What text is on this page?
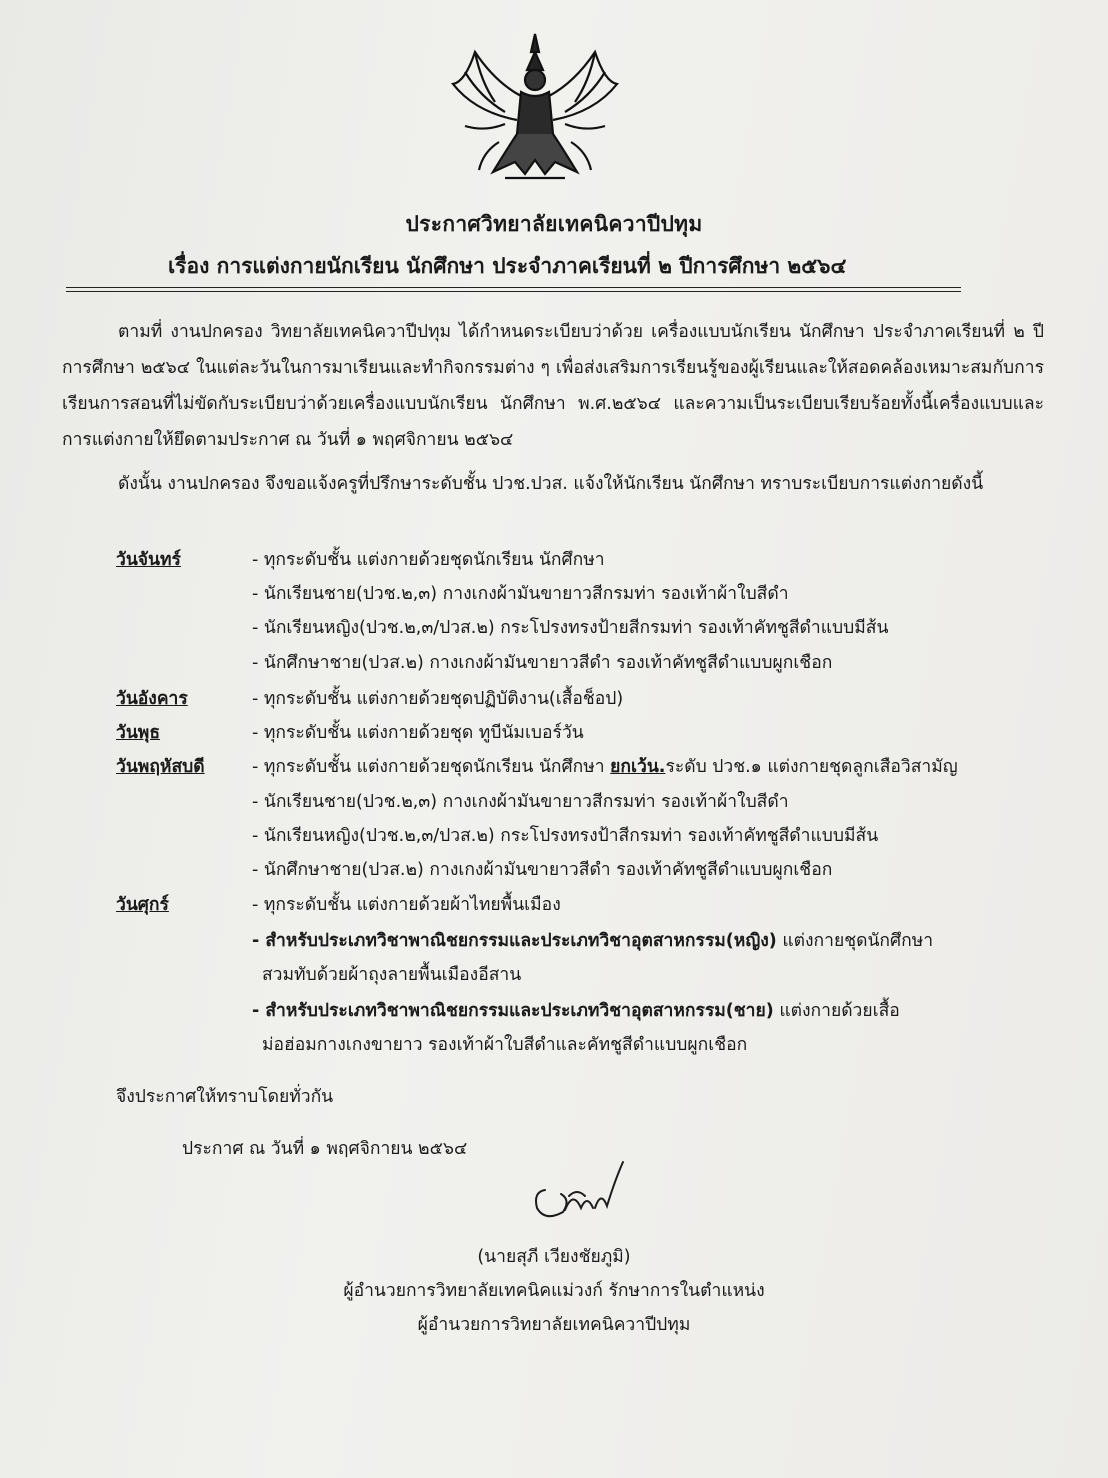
ประกาศวิทยาลัยเทคนิควาปีปทุม
เรื่อง การแต่งกายนักเรียน นักศึกษา ประจำภาคเรียนที่ ๒ ปีการศึกษา ๒๕๖๔
ตามที่ งานปกครอง วิทยาลัยเทคนิควาปีปทุม ได้กำหนดระเบียบว่าด้วย เครื่องแบบนักเรียน นักศึกษา ประจำภาคเรียนที่ ๒ ปีการศึกษา ๒๕๖๔ ในแต่ละวันในการมาเรียนและทำกิจกรรมต่าง ๆ เพื่อส่งเสริมการเรียนรู้ของผู้เรียนและให้สอดคล้องเหมาะสมกับการเรียนการสอนที่ไม่ขัดกับระเบียบว่าด้วยเครื่องแบบนักเรียน นักศึกษา พ.ศ.๒๕๖๔ และความเป็นระเบียบเรียบร้อยทั้งนี้เครื่องแบบและการแต่งกายให้ยึดตามประกาศ ณ วันที่ ๑ พฤศจิกายน ๒๕๖๔
ดังนั้น งานปกครอง จึงขอแจ้งครูที่ปรึกษาระดับชั้น ปวช.ปวส. แจ้งให้นักเรียน นักศึกษา ทราบระเบียบการแต่งกายดังนี้
วันจันทร์	- ทุกระดับชั้น แต่งกายด้วยชุดนักเรียน นักศึกษา
- นักเรียนชาย(ปวช.๒,๓) กางเกงผ้ามันขายาวสีกรมท่า รองเท้าผ้าใบสีดำ
- นักเรียนหญิง(ปวช.๒,๓/ปวส.๒) กระโปรงทรงป้ายสีกรมท่า รองเท้าคัทชูสีดำแบบมีส้น
- นักศึกษาชาย(ปวส.๒) กางเกงผ้ามันขายาวสีดำ รองเท้าคัทชูสีดำแบบผูกเชือก
วันอังคาร	- ทุกระดับชั้น แต่งกายด้วยชุดปฏิบัติงาน(เสื้อช็อป)
วันพุธ	- ทุกระดับชั้น แต่งกายด้วยชุด ทูบีนัมเบอร์วัน
วันพฤหัสบดี	- ทุกระดับชั้น แต่งกายด้วยชุดนักเรียน นักศึกษา ยกเว้น.ระดับ ปวช.๑ แต่งกายชุดลูกเสือวิสามัญ
- นักเรียนชาย(ปวช.๒,๓) กางเกงผ้ามันขายาวสีกรมท่า รองเท้าผ้าใบสีดำ
- นักเรียนหญิง(ปวช.๒,๓/ปวส.๒) กระโปรงทรงป้าสีกรมท่า รองเท้าคัทชูสีดำแบบมีส้น
- นักศึกษาชาย(ปวส.๒) กางเกงผ้ามันขายาวสีดำ รองเท้าคัทชูสีดำแบบผูกเชือก
วันศุกร์	- ทุกระดับชั้น แต่งกายด้วยผ้าไทยพื้นเมือง
- สำหรับประเภทวิชาพาณิชยกรรมและประเภทวิชาอุตสาหกรรม(หญิง) แต่งกายชุดนักศึกษา
สวมทับด้วยผ้าถุงลายพื้นเมืองอีสาน
- สำหรับประเภทวิชาพาณิชยกรรมและประเภทวิชาอุตสาหกรรม(ชาย) แต่งกายด้วยเสื้อ
ม่อฮ่อมกางเกงขายาว รองเท้าผ้าใบสีดำและคัทชูสีดำแบบผูกเชือก
จึงประกาศให้ทราบโดยทั่วกัน
ประกาศ ณ วันที่ ๑ พฤศจิกายน ๒๕๖๔
(นายสุภี เวียงชัยภูมิ)
ผู้อำนวยการวิทยาลัยเทคนิคแม่วงก์ รักษาการในตำแหน่ง
ผู้อำนวยการวิทยาลัยเทคนิควาปีปทุม
